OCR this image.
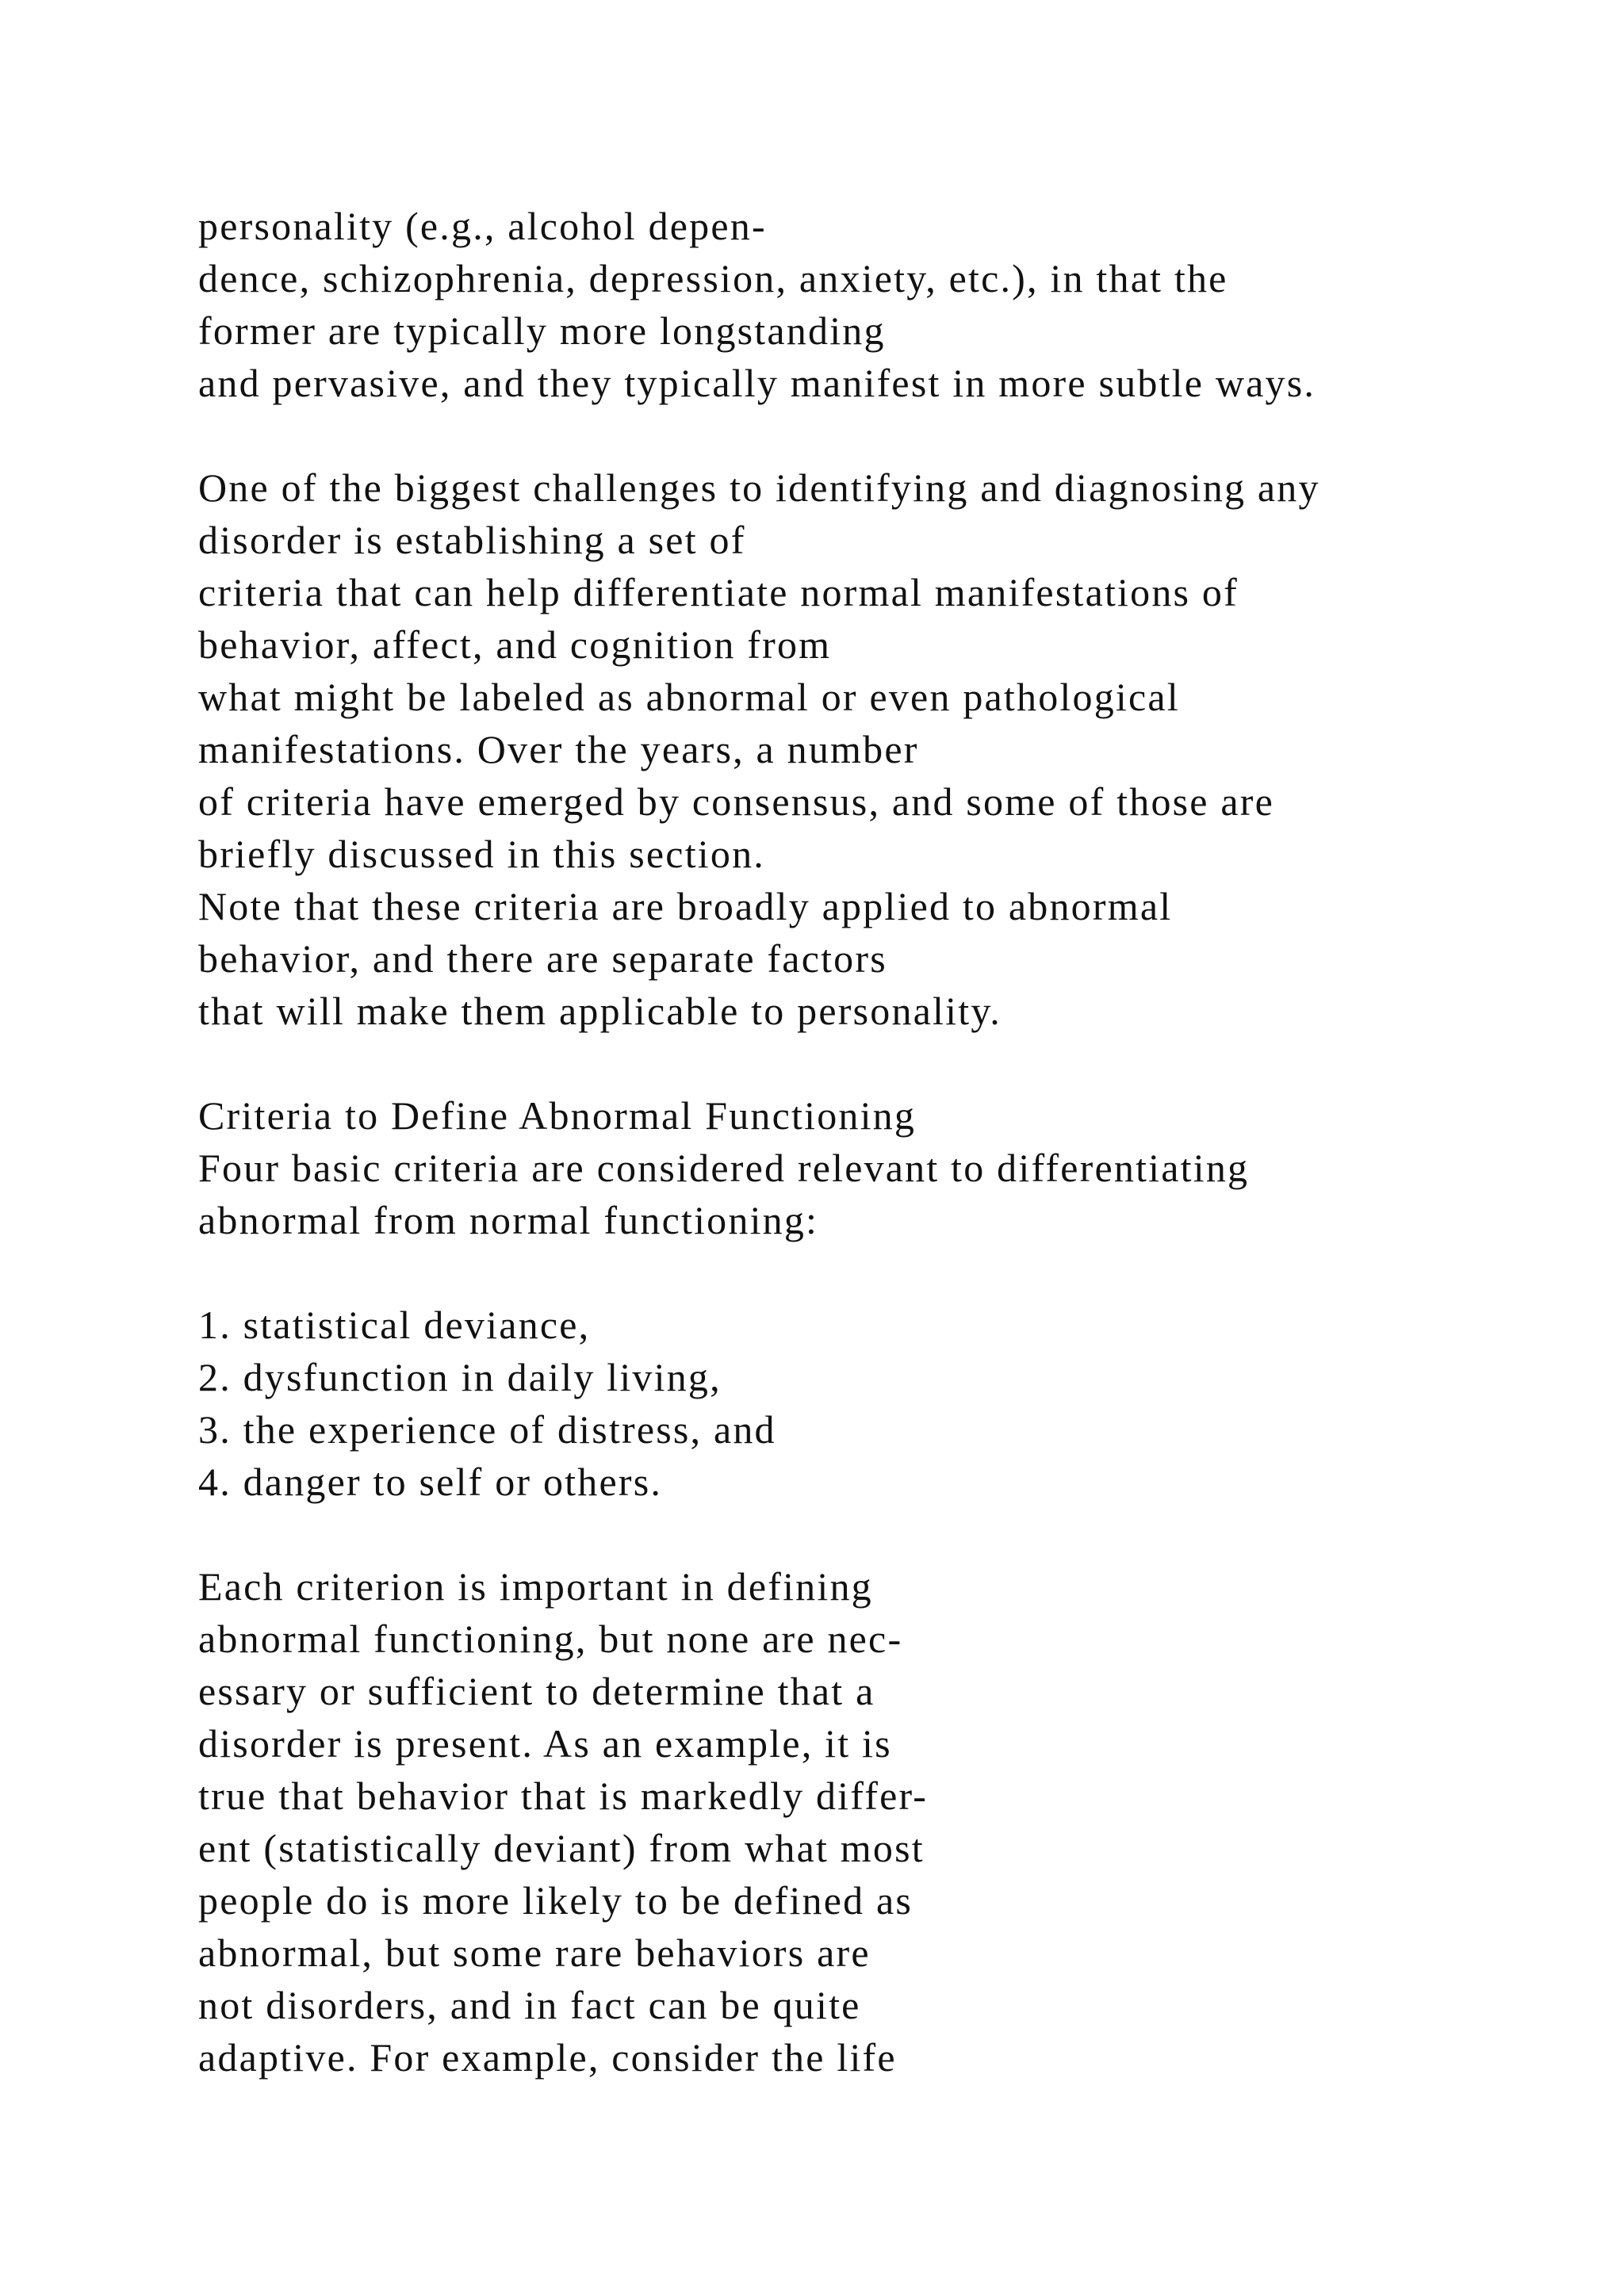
personality (e.g., alcohol depen-
dence, schizophrenia, depression, anxiety, etc.), in that the
former are typically more longstanding
and pervasive, and they typically manifest in more subtle ways.
One of the biggest challenges to identifying and diagnosing any
disorder is establishing a set of
criteria that can help differentiate normal manifestations of
behavior, affect, and cognition from
what might be labeled as abnormal or even pathological
manifestations. Over the years, a number
of criteria have emerged by consensus, and some of those are
briefly discussed in this section.
Note that these criteria are broadly applied to abnormal
behavior, and there are separate factors
that will make them applicable to personality.
Criteria to Define Abnormal Functioning
Four basic criteria are considered relevant to differentiating
abnormal from normal functioning:
1. statistical deviance,
2. dysfunction in daily living,
3. the experience of distress, and
4. danger to self or others.
Each criterion is important in defining
abnormal functioning, but none are nec-
essary or sufficient to determine that a
disorder is present. As an example, it is
true that behavior that is markedly differ-
ent (statistically deviant) from what most
people do is more likely to be defined as
abnormal, but some rare behaviors are
not disorders, and in fact can be quite
adaptive. For example, consider the life
